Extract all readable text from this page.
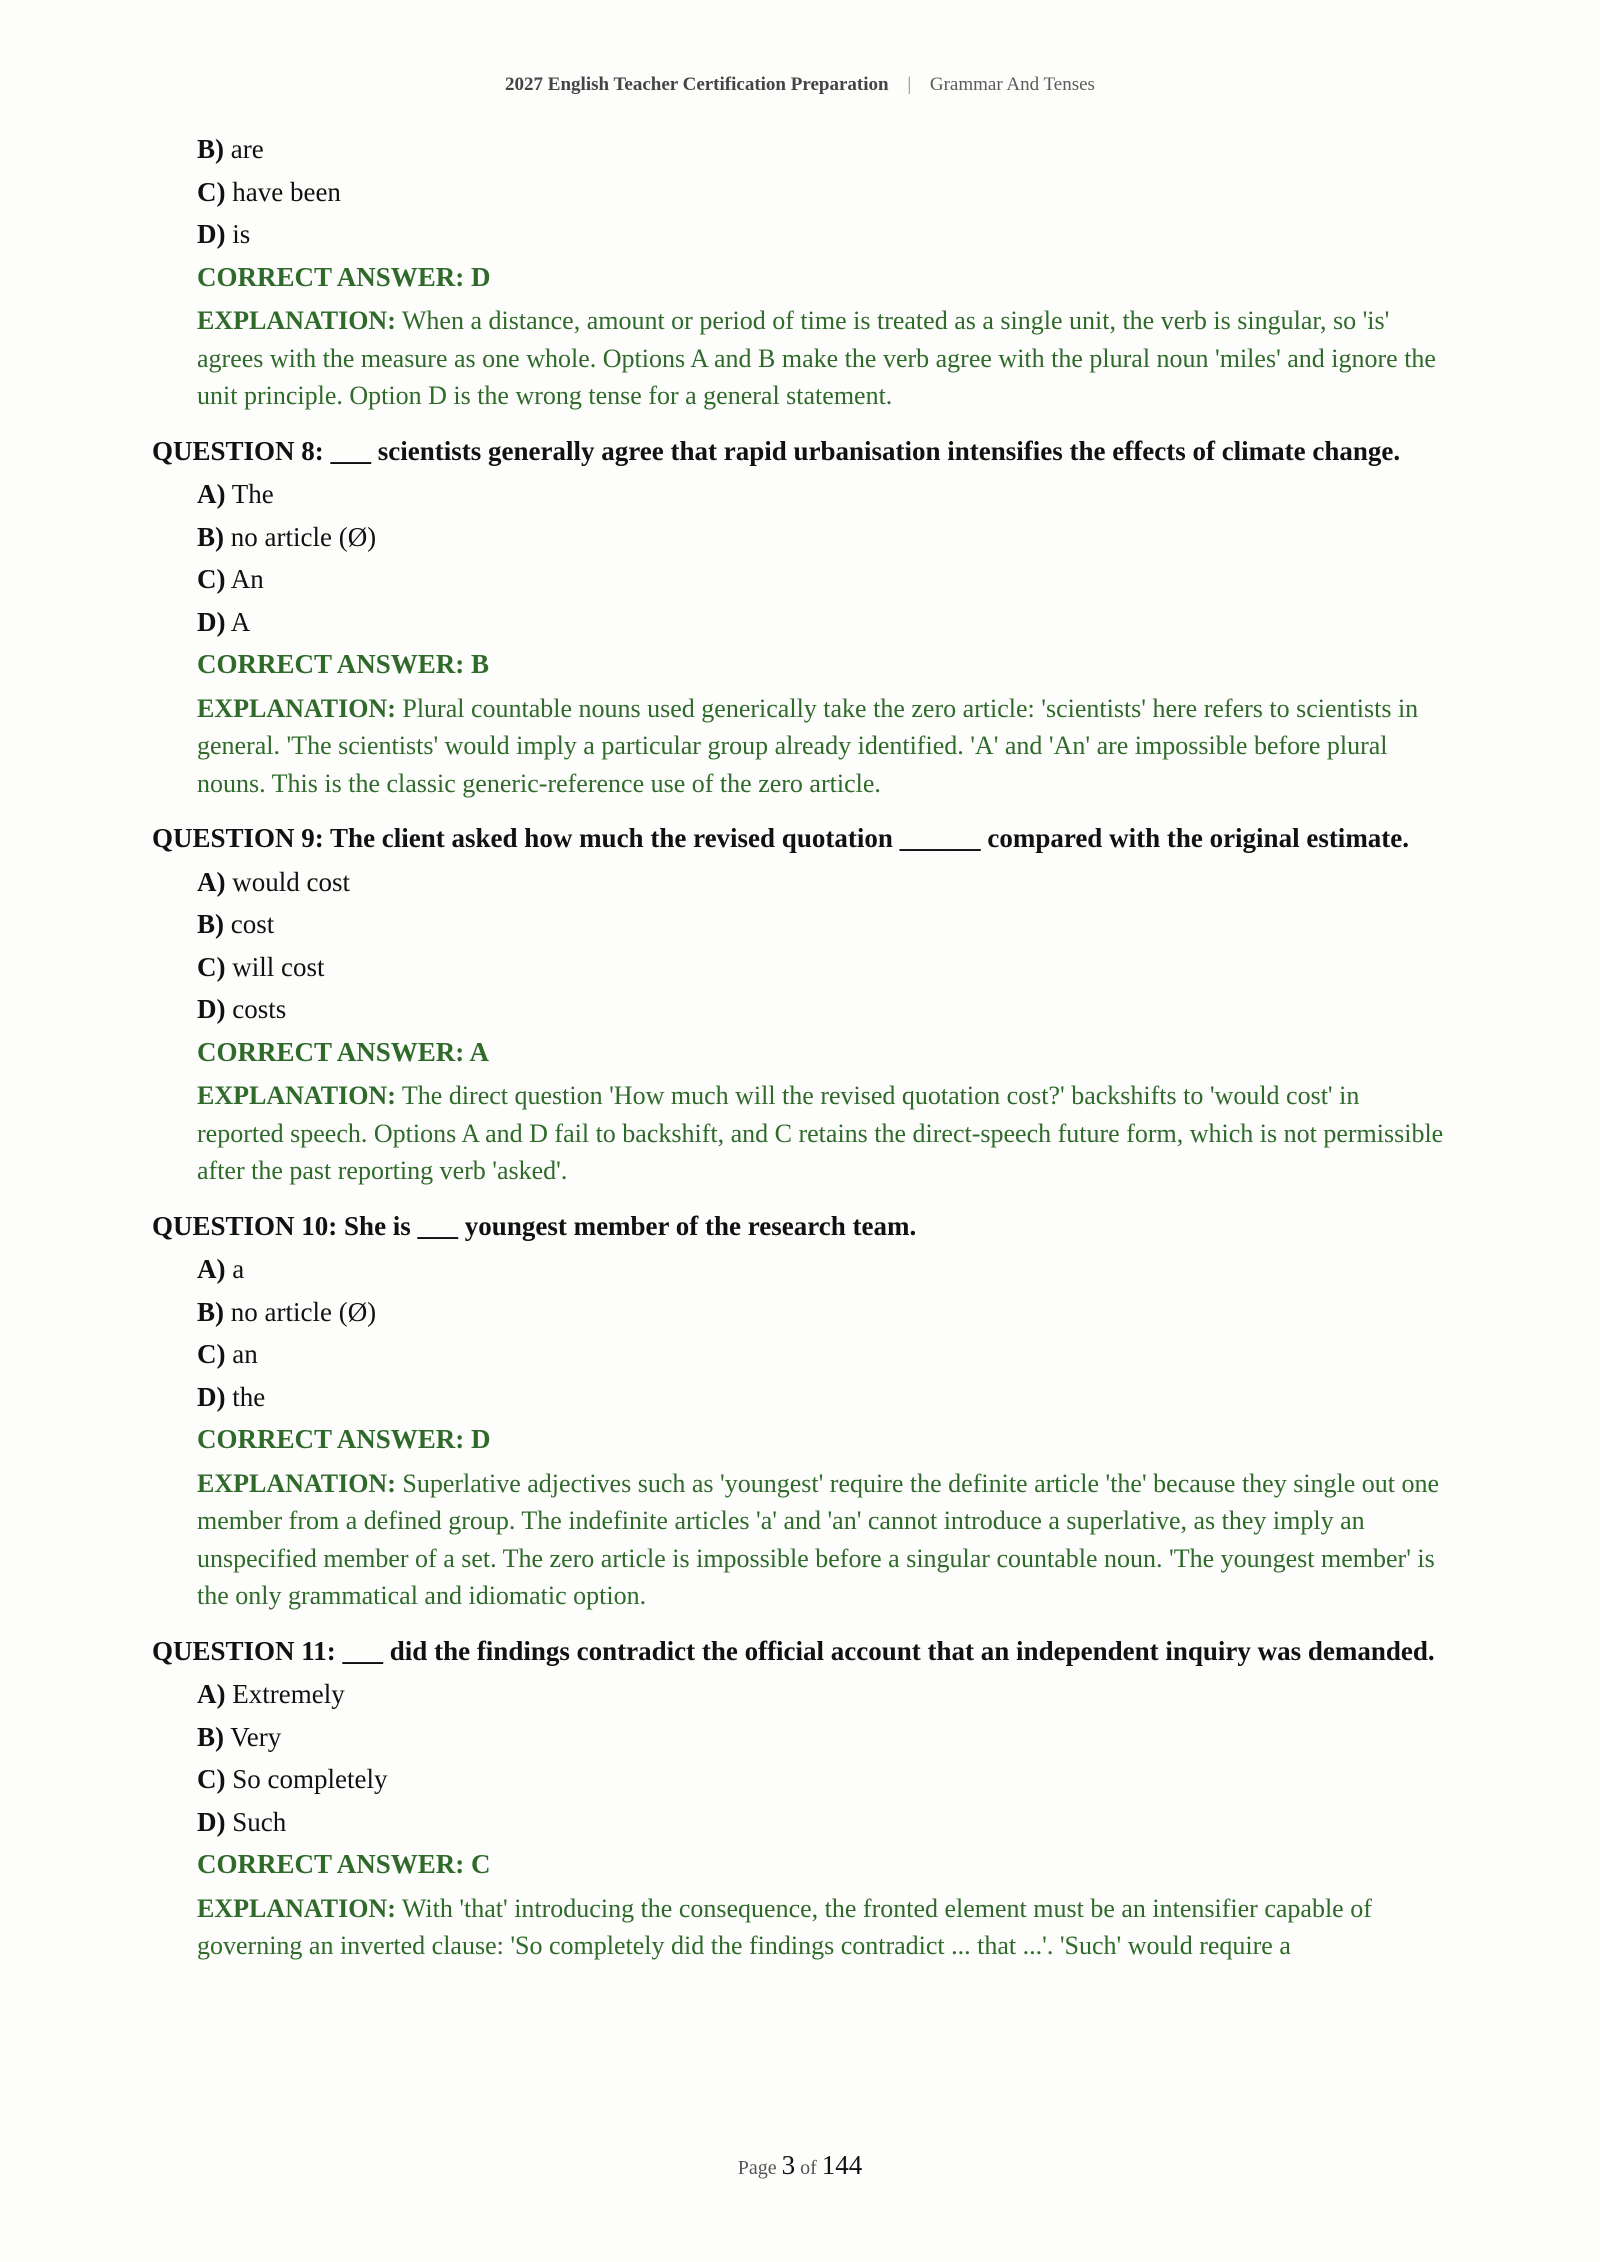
2027 English Teacher Certification Preparation | Grammar And Tenses
B) are
C) have been
D) is
CORRECT ANSWER: D
EXPLANATION: When a distance, amount or period of time is treated as a single unit, the verb is singular, so 'is' agrees with the measure as one whole. Options A and B make the verb agree with the plural noun 'miles' and ignore the unit principle. Option D is the wrong tense for a general statement.
QUESTION 8: ___ scientists generally agree that rapid urbanisation intensifies the effects of climate change.
A) The
B) no article (Ø)
C) An
D) A
CORRECT ANSWER: B
EXPLANATION: Plural countable nouns used generically take the zero article: 'scientists' here refers to scientists in general. 'The scientists' would imply a particular group already identified. 'A' and 'An' are impossible before plural nouns. This is the classic generic-reference use of the zero article.
QUESTION 9: The client asked how much the revised quotation ______ compared with the original estimate.
A) would cost
B) cost
C) will cost
D) costs
CORRECT ANSWER: A
EXPLANATION: The direct question 'How much will the revised quotation cost?' backshifts to 'would cost' in reported speech. Options A and D fail to backshift, and C retains the direct-speech future form, which is not permissible after the past reporting verb 'asked'.
QUESTION 10: She is ___ youngest member of the research team.
A) a
B) no article (Ø)
C) an
D) the
CORRECT ANSWER: D
EXPLANATION: Superlative adjectives such as 'youngest' require the definite article 'the' because they single out one member from a defined group. The indefinite articles 'a' and 'an' cannot introduce a superlative, as they imply an unspecified member of a set. The zero article is impossible before a singular countable noun. 'The youngest member' is the only grammatical and idiomatic option.
QUESTION 11: ___ did the findings contradict the official account that an independent inquiry was demanded.
A) Extremely
B) Very
C) So completely
D) Such
CORRECT ANSWER: C
EXPLANATION: With 'that' introducing the consequence, the fronted element must be an intensifier capable of governing an inverted clause: 'So completely did the findings contradict ... that ...'. 'Such' would require a
Page 3 of 144
